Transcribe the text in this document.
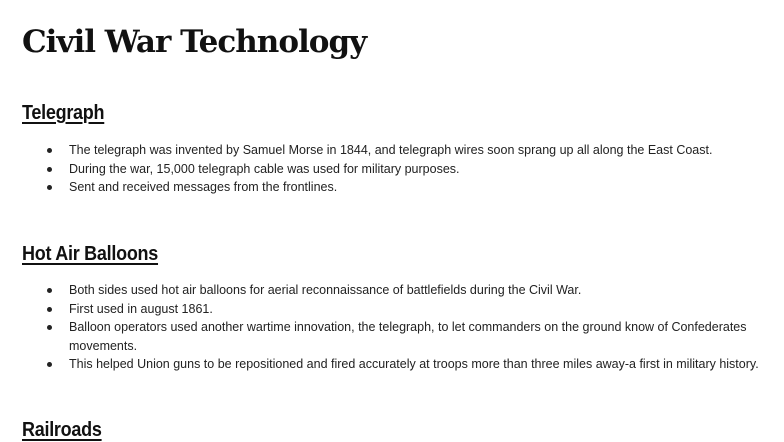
Civil War Technology
Telegraph
The telegraph was invented by Samuel Morse in 1844, and telegraph wires soon sprang up all along the East Coast.
During the war, 15,000 telegraph cable was used for military purposes.
Sent and received messages from the frontlines.
Hot Air Balloons
Both sides used hot air balloons for aerial reconnaissance of battlefields during the Civil War.
First used in august 1861.
Balloon operators used another wartime innovation, the telegraph, to let commanders on the ground know of Confederates movements.
This helped Union guns to be repositioned and fired accurately at troops more than three miles away-a first in military history.
Railroads
